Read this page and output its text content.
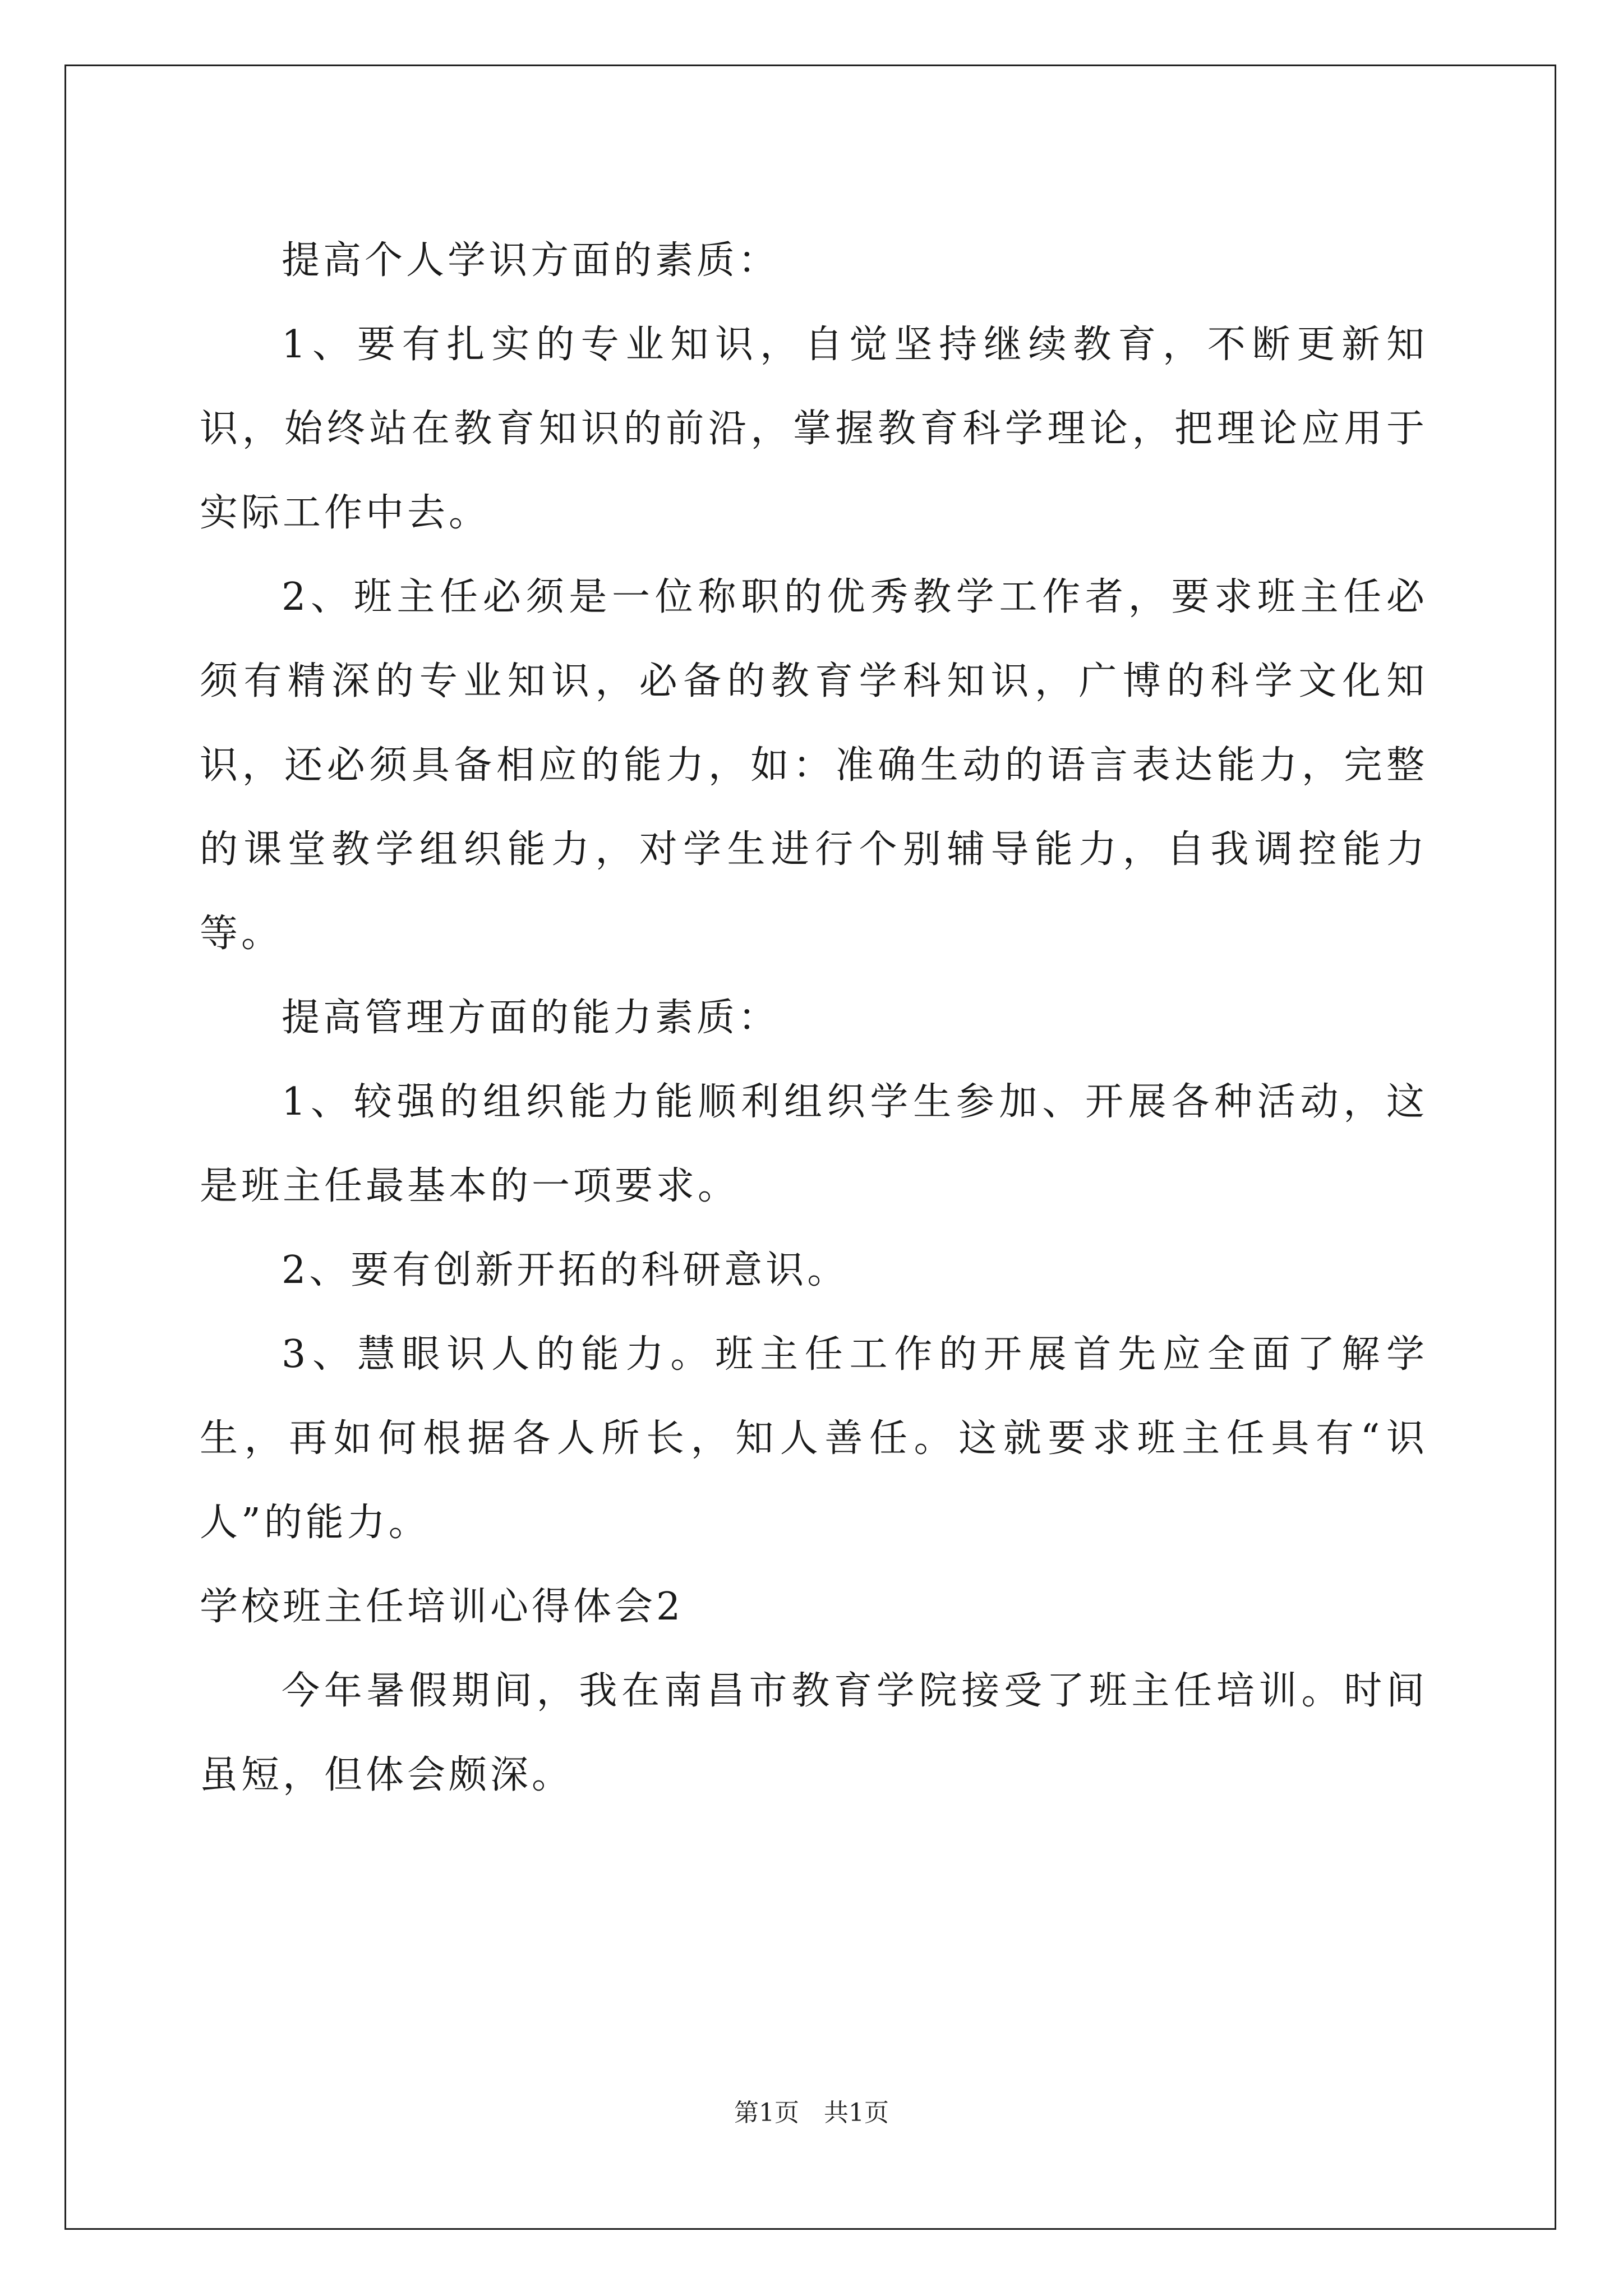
提高个人学识方面的素质：

1、要有扎实的专业知识，自觉坚持继续教育，不断更新知识，始终站在教育知识的前沿，掌握教育科学理论，把理论应用于实际工作中去。

2、班主任必须是一位称职的优秀教学工作者，要求班主任必须有精深的专业知识，必备的教育学科知识，广博的科学文化知识，还必须具备相应的能力，如：准确生动的语言表达能力，完整的课堂教学组织能力，对学生进行个别辅导能力，自我调控能力等。

提高管理方面的能力素质：

1、较强的组织能力能顺利组织学生参加、开展各种活动，这是班主任最基本的一项要求。

2、要有创新开拓的科研意识。

3、慧眼识人的能力。班主任工作的开展首先应全面了解学生，再如何根据各人所长，知人善任。这就要求班主任具有“识人”的能力。

学校班主任培训心得体会2

今年暑假期间，我在南昌市教育学院接受了班主任培训。时间虽短，但体会颇深。

第1页 共1页
